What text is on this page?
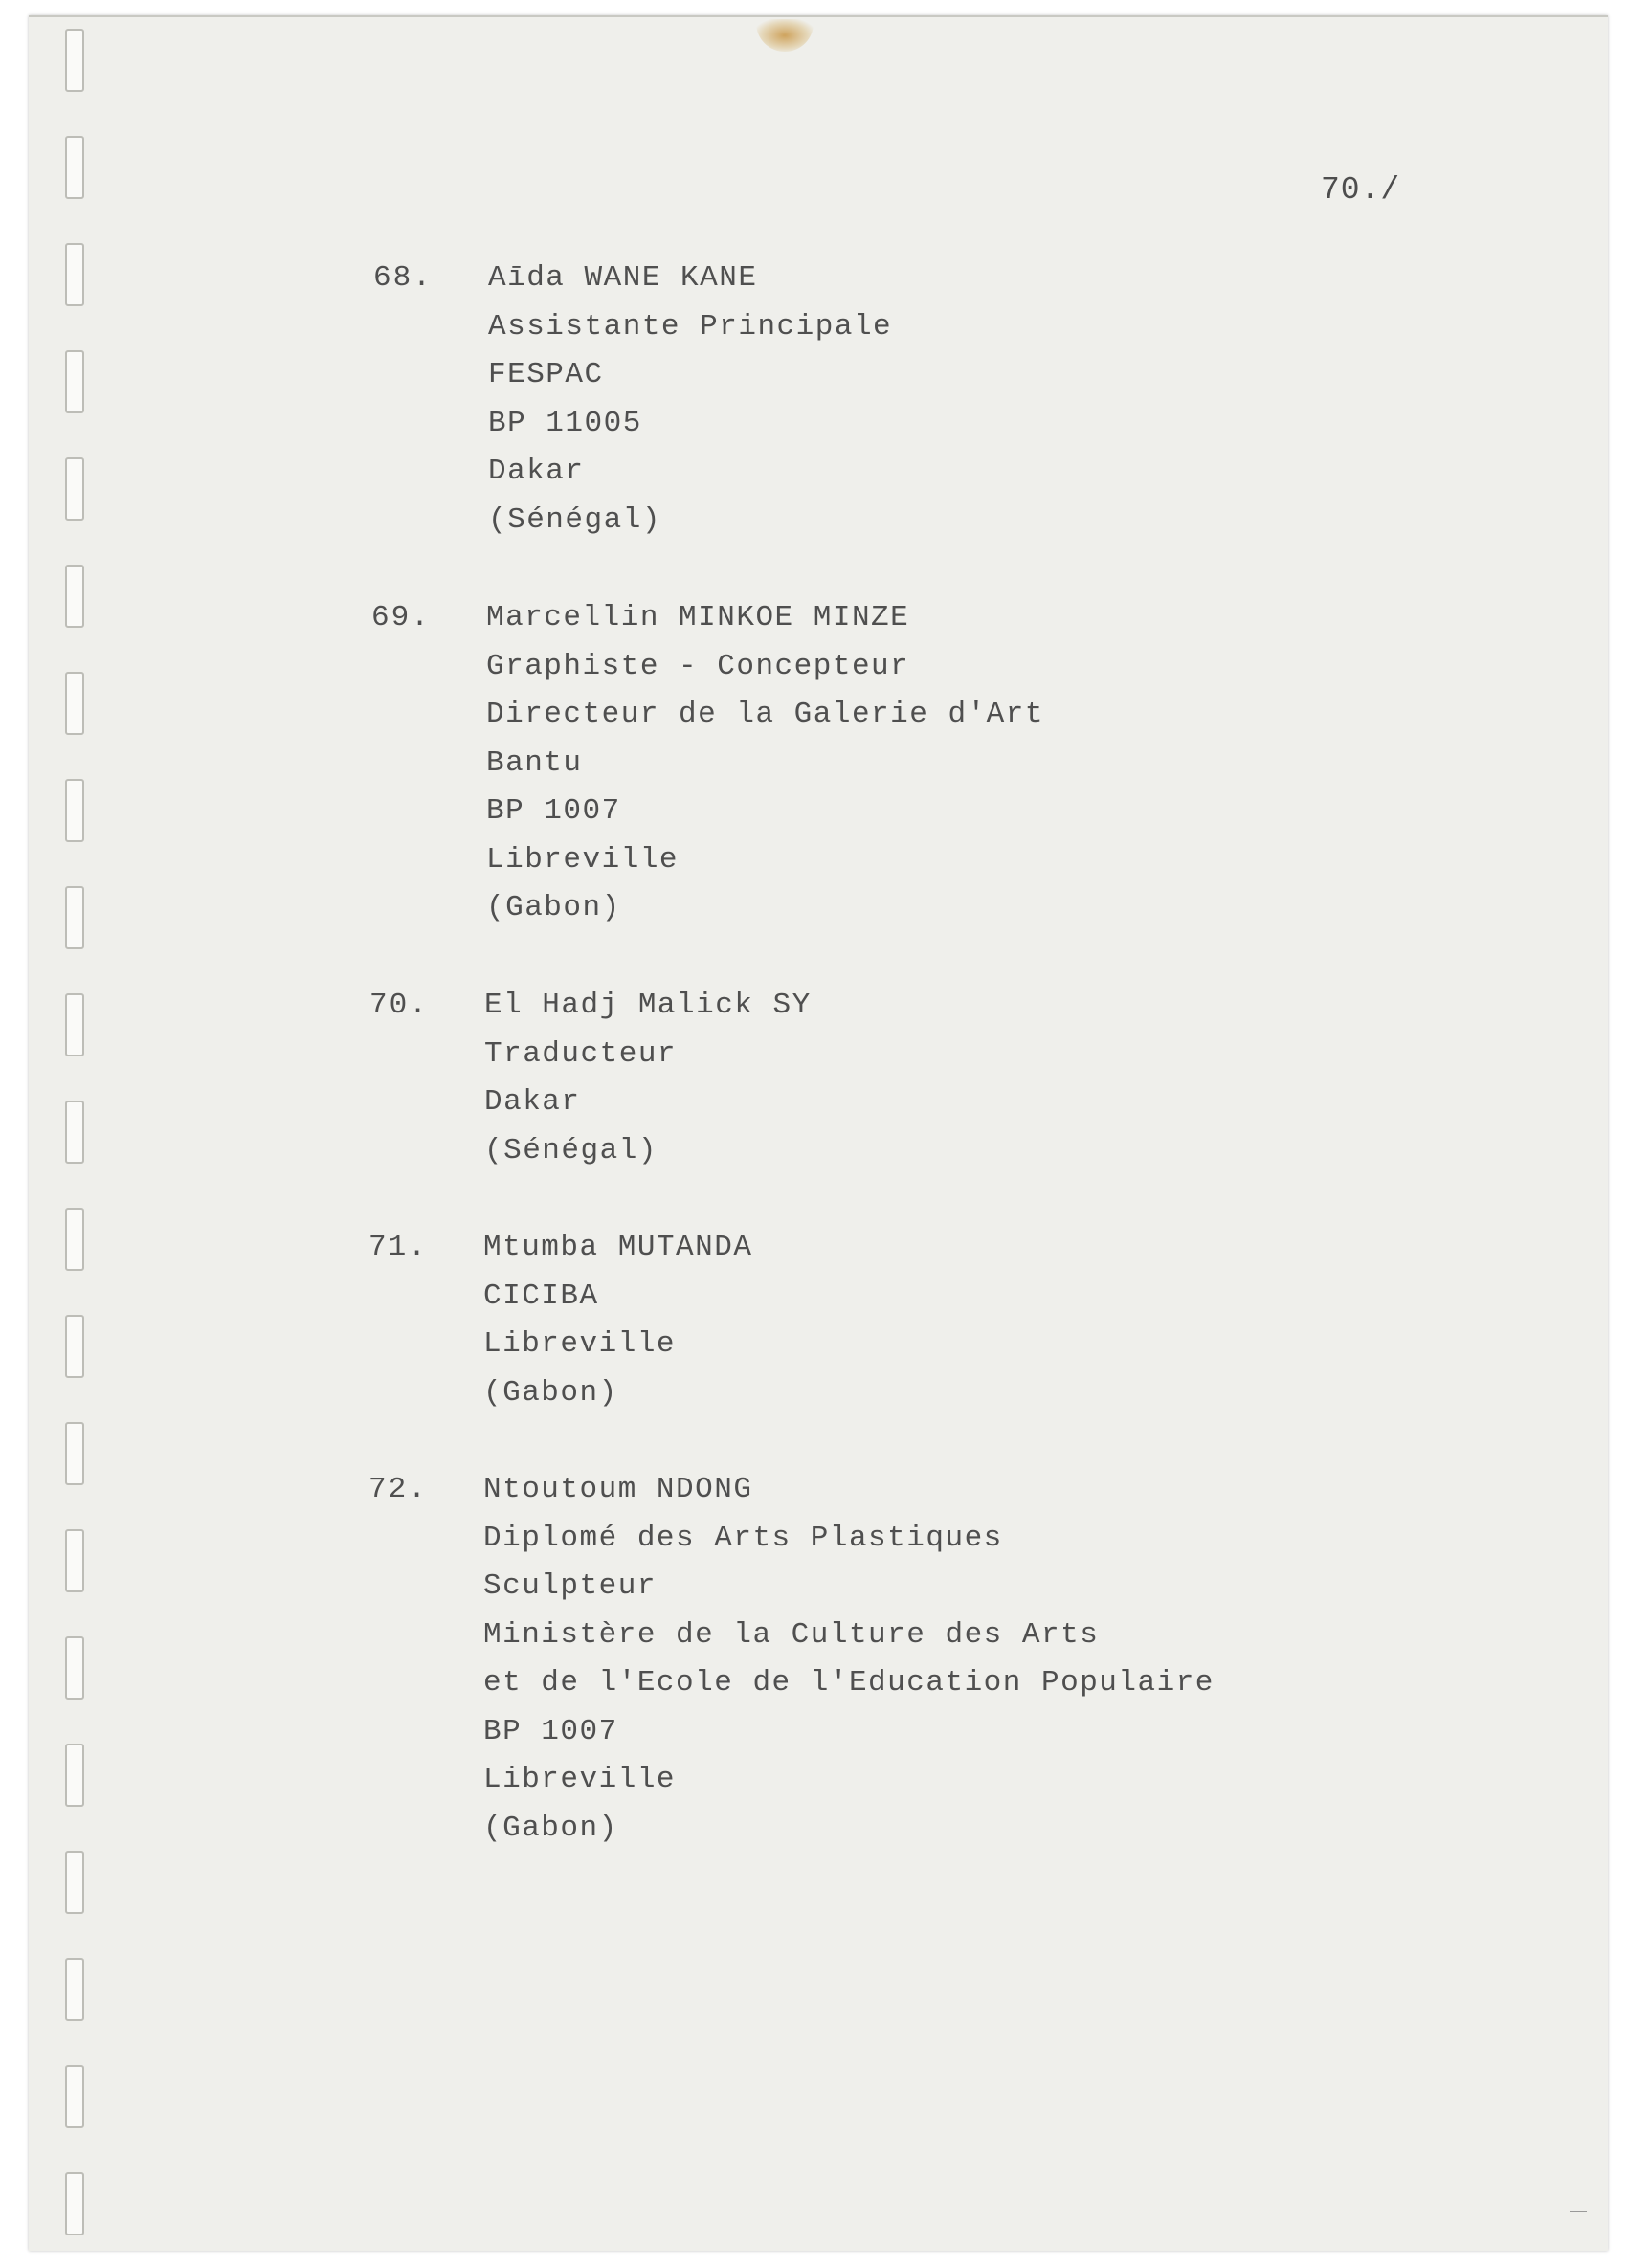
70./
68. Aīda WANE KANE
Assistante Principale
FESPAC
BP 11005
Dakar
(Sénégal)
69. Marcellin MINKOE MINZE
Graphiste - Concepteur
Directeur de la Galerie d'Art
Bantu
BP 1007
Libreville
(Gabon)
70. El Hadj Malick SY
Traducteur
Dakar
(Sénégal)
71. Mtumba MUTANDA
CICIBA
Libreville
(Gabon)
72. Ntoutoum NDONG
Diplomé des Arts Plastiques
Sculpteur
Ministère de la Culture des Arts
et de l'Ecole de l'Education Populaire
BP 1007
Libreville
(Gabon)
